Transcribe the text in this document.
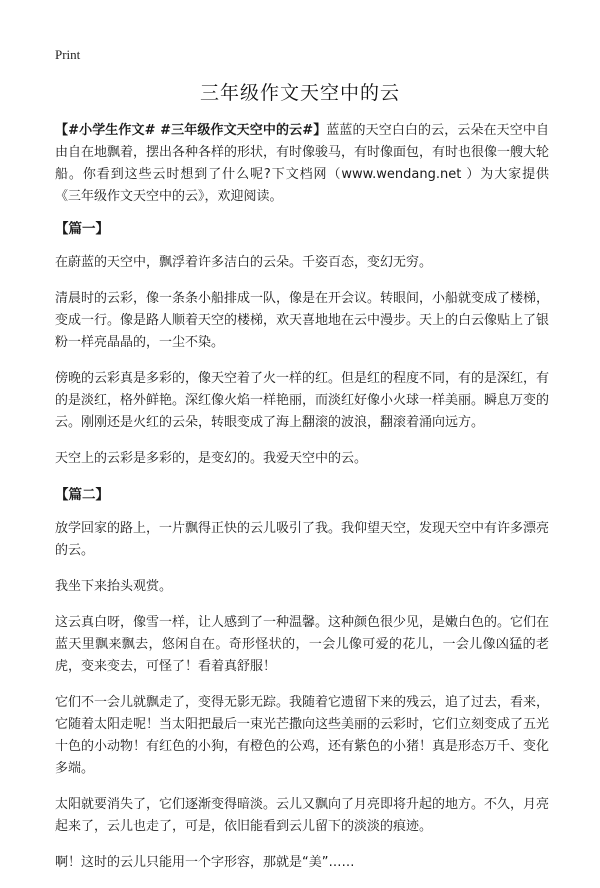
Print
三年级作文天空中的云

【#小学生作文# #三年级作文天空中的云#】蓝蓝的天空白白的云，云朵在天空中自由自在地飘着，摆出各种各样的形状，有时像骏马，有时像面包，有时也很像一艘大轮船。你看到这些云时想到了什么呢?下文档网（www.wendang.net ）为大家提供《三年级作文天空中的云》，欢迎阅读。

【篇一】

在蔚蓝的天空中，飘浮着许多洁白的云朵。千姿百态，变幻无穷。

清晨时的云彩，像一条条小船排成一队，像是在开会议。转眼间，小船就变成了楼梯，变成一行。像是路人顺着天空的楼梯，欢天喜地地在云中漫步。天上的白云像贴上了银粉一样亮晶晶的，一尘不染。

傍晚的云彩真是多彩的，像天空着了火一样的红。但是红的程度不同，有的是深红，有的是淡红，格外鲜艳。深红像火焰一样艳丽，而淡红好像小火球一样美丽。瞬息万变的云。刚刚还是火红的云朵，转眼变成了海上翻滚的波浪，翻滚着涌向远方。

天空上的云彩是多彩的，是变幻的。我爱天空中的云。

【篇二】

放学回家的路上，一片飘得正快的云儿吸引了我。我仰望天空，发现天空中有许多漂亮的云。

我坐下来抬头观赏。

这云真白呀，像雪一样，让人感到了一种温馨。这种颜色很少见，是嫩白色的。它们在蓝天里飘来飘去，悠闲自在。奇形怪状的，一会儿像可爱的花儿，一会儿像凶猛的老虎，变来变去，可怪了！看着真舒服！

它们不一会儿就飘走了，变得无影无踪。我随着它遗留下来的残云，追了过去，看来，它随着太阳走呢！当太阳把最后一束光芒撒向这些美丽的云彩时，它们立刻变成了五光十色的小动物！有红色的小狗，有橙色的公鸡，还有紫色的小猪！真是形态万千、变化多端。

太阳就要消失了，它们逐渐变得暗淡。云儿又飘向了月亮即将升起的地方。不久，月亮起来了，云儿也走了，可是，依旧能看到云儿留下的淡淡的痕迹。

啊！这时的云儿只能用一个字形容，那就是“美”……
